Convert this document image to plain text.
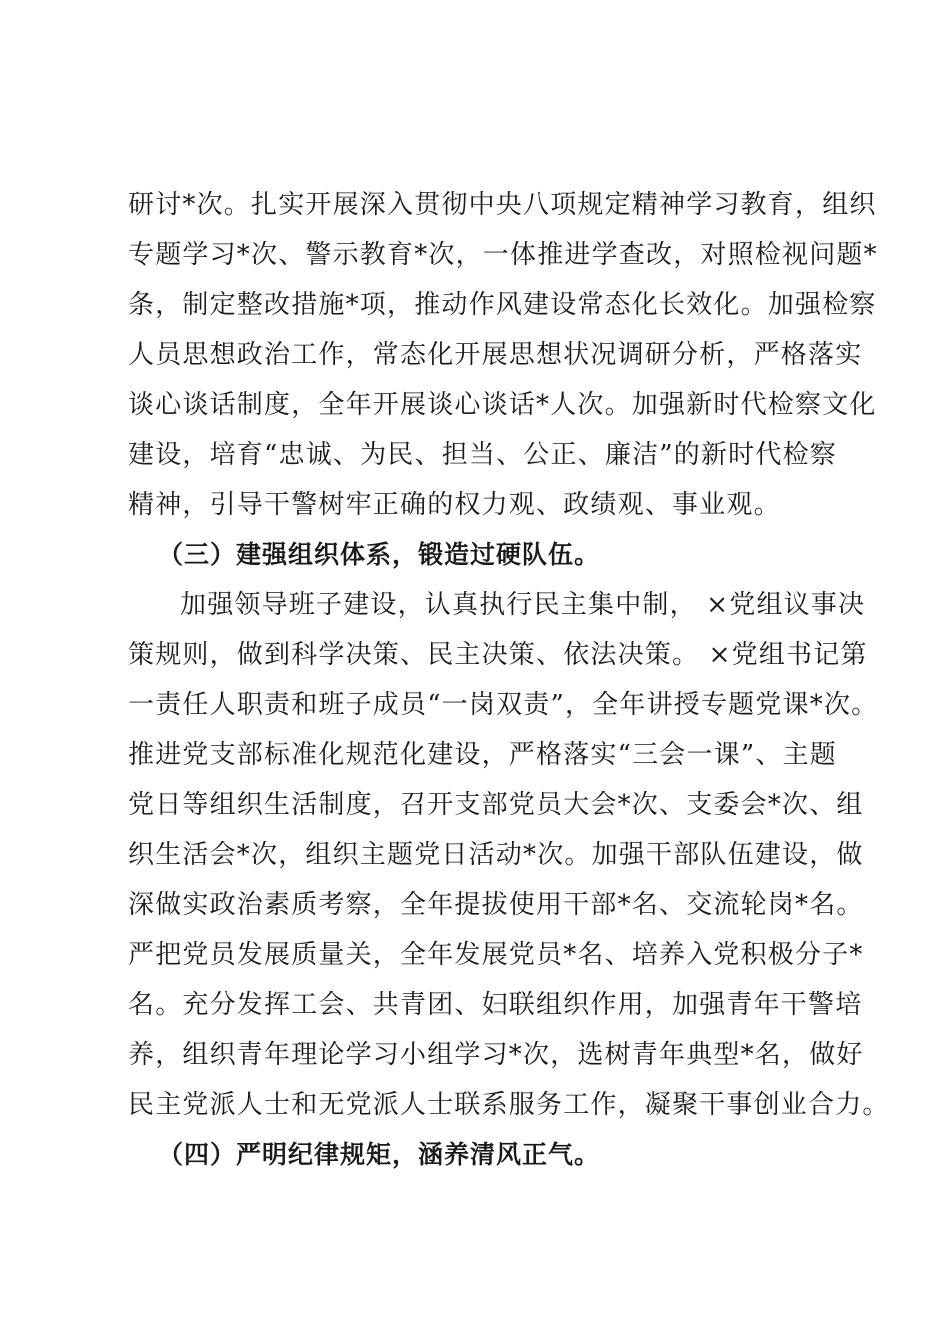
研讨*次。扎实开展深入贯彻中央八项规定精神学习教育，组织
专题学习*次、警示教育*次，一体推进学查改，对照检视问题*
条，制定整改措施*项，推动作风建设常态化长效化。加强检察
人员思想政治工作，常态化开展思想状况调研分析，严格落实
谈心谈话制度，全年开展谈心谈话*人次。加强新时代检察文化
建设，培育“忠诚、为民、担当、公正、廉洁”的新时代检察
精神，引导干警树牢正确的权力观、政绩观、事业观。
（三）建强组织体系，锻造过硬队伍。
加强领导班子建设，认真执行民主集中制， ×党组议事决
策规则，做到科学决策、民主决策、依法决策。 ×党组书记第
一责任人职责和班子成员“一岗双责”，全年讲授专题党课*次。
推进党支部标准化规范化建设，严格落实“三会一课”、主题
党日等组织生活制度，召开支部党员大会*次、支委会*次、组
织生活会*次，组织主题党日活动*次。加强干部队伍建设，做
深做实政治素质考察，全年提拔使用干部*名、交流轮岗*名。
严把党员发展质量关，全年发展党员*名、培养入党积极分子*
名。充分发挥工会、共青团、妇联组织作用，加强青年干警培
养，组织青年理论学习小组学习*次，选树青年典型*名，做好
民主党派人士和无党派人士联系服务工作，凝聚干事创业合力。
（四）严明纪律规矩，涵养清风正气。
